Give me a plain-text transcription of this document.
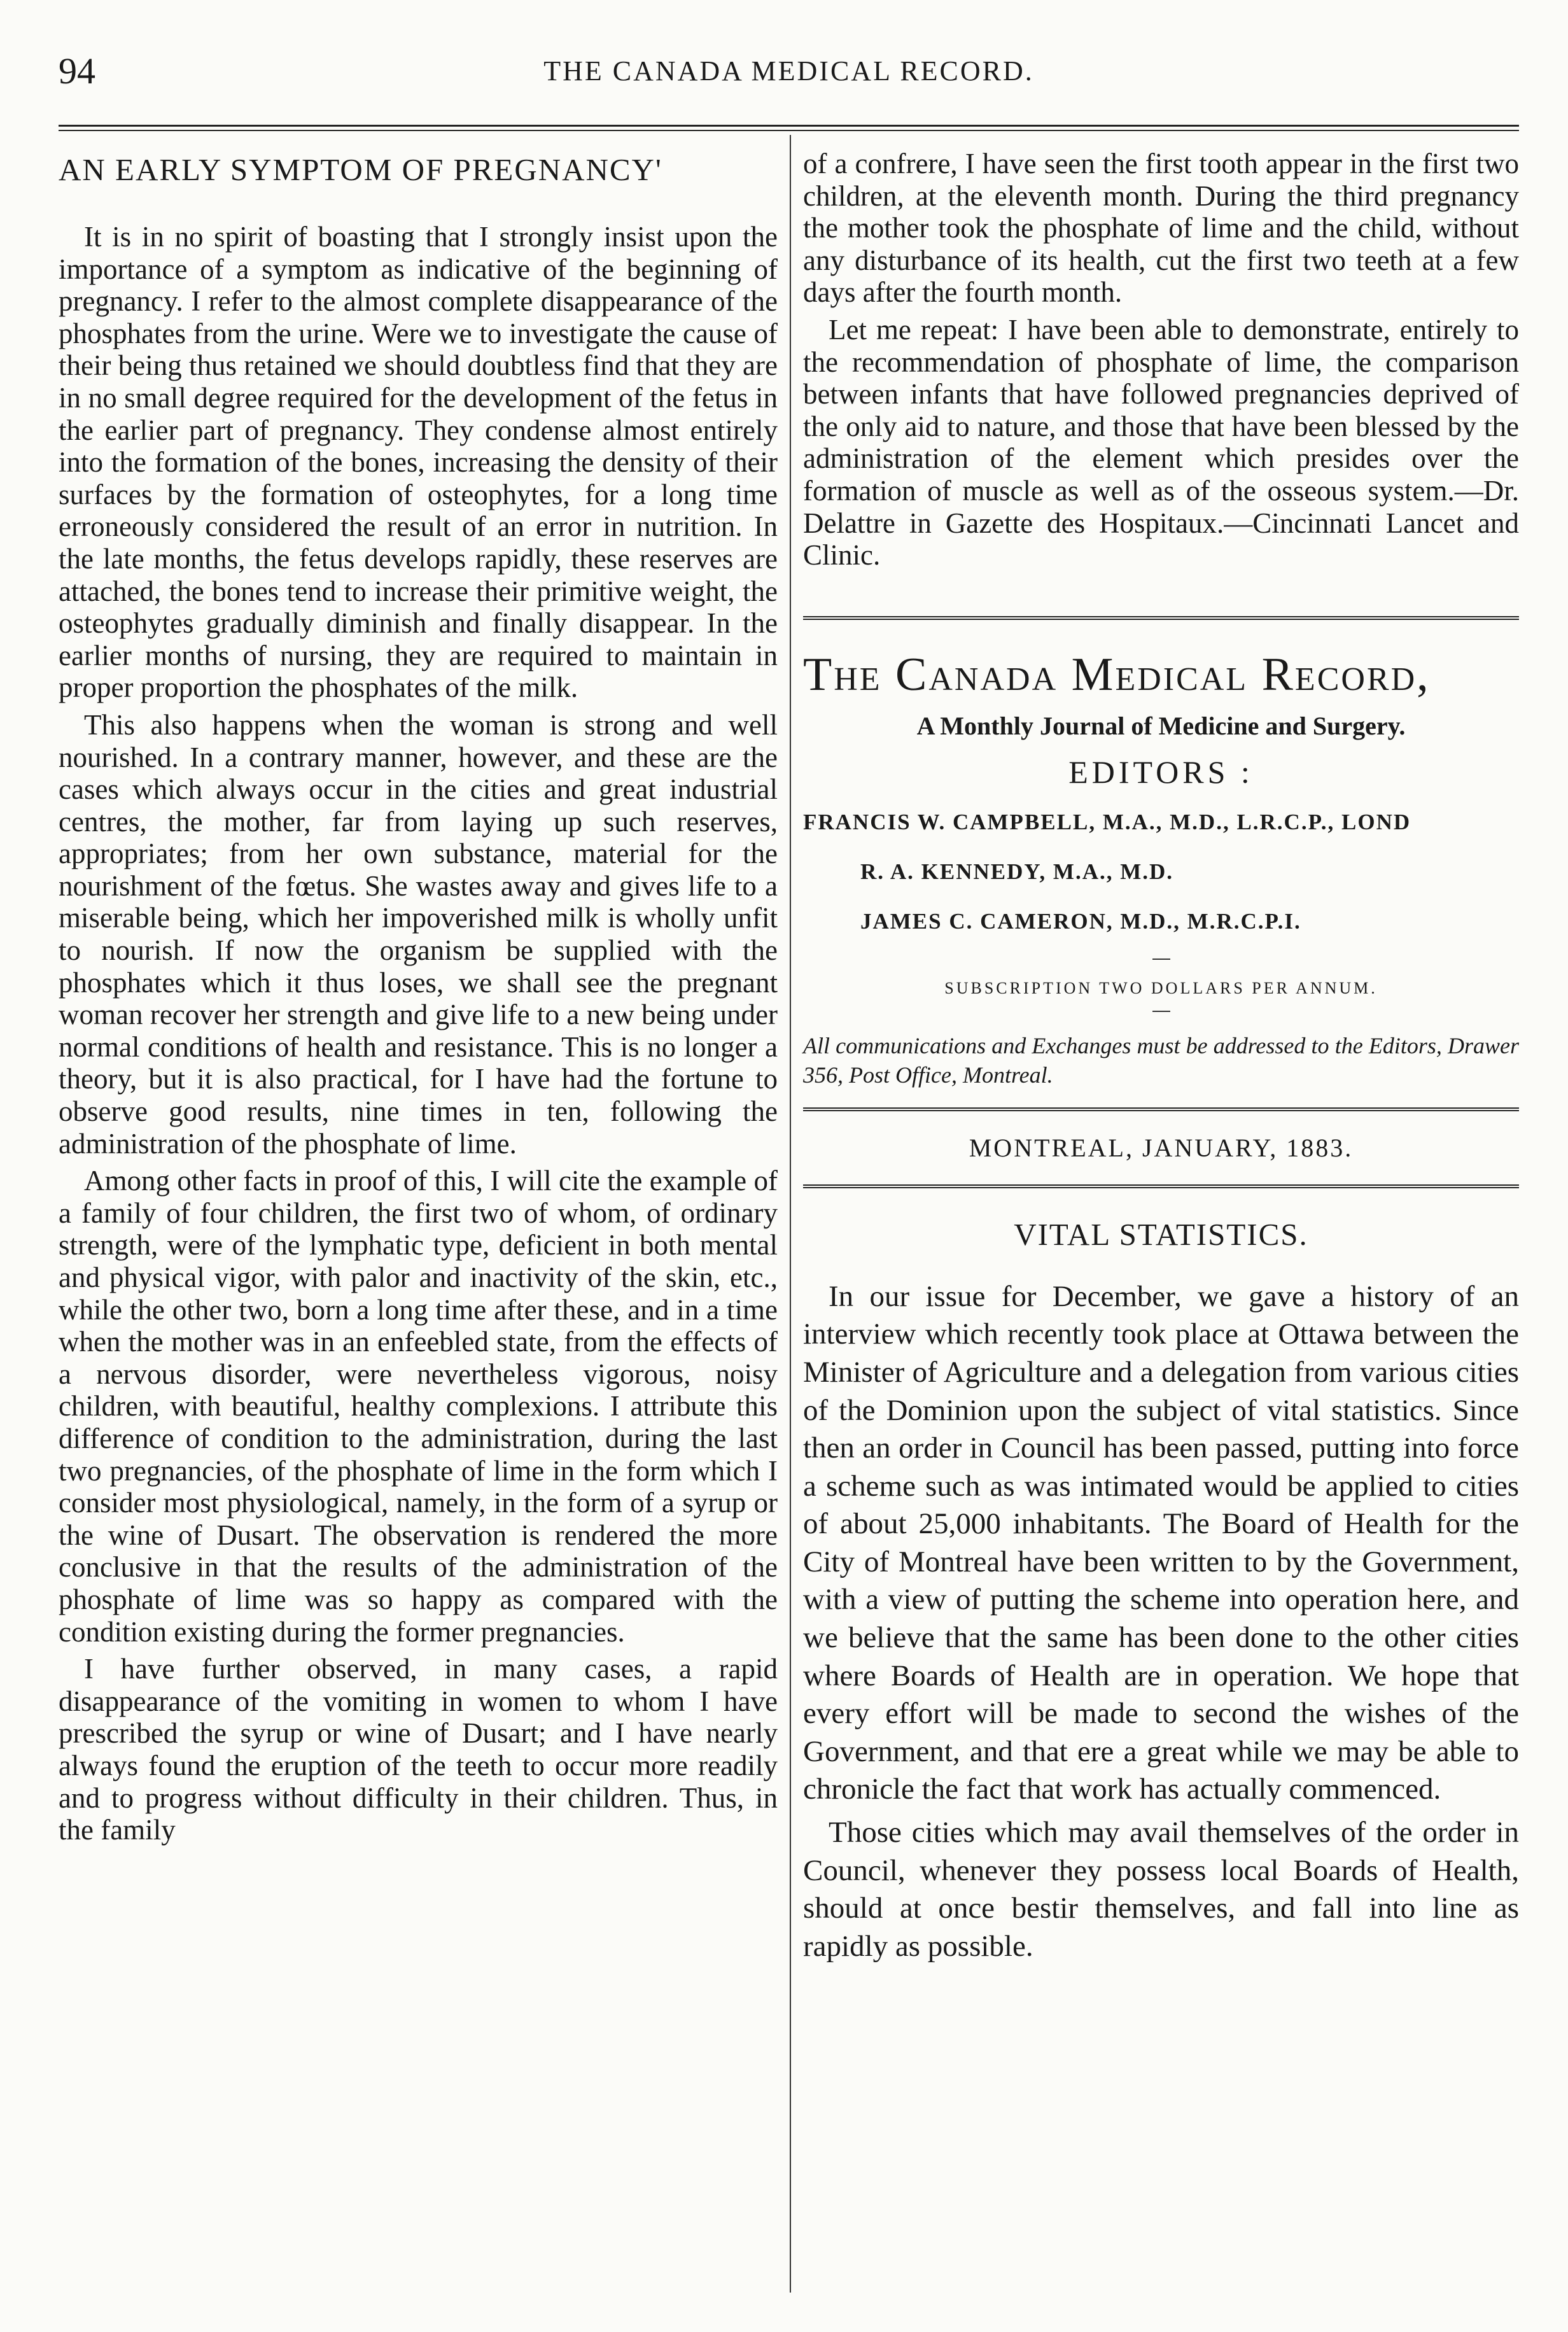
94	THE CANADA MEDICAL RECORD.
AN EARLY SYMPTOM OF PREGNANCY'

It is in no spirit of boasting that I strongly insist upon the importance of a symptom as indicative of the beginning of pregnancy. I refer to the almost complete disappearance of the phosphates from the urine. Were we to investigate the cause of their being thus retained we should doubtless find that they are in no small degree required for the development of the fetus in the earlier part of pregnancy. They condense almost entirely into the formation of the bones, increasing the density of their surfaces by the formation of osteophytes, for a long time erroneously considered the result of an error in nutrition. In the late months, the fetus develops rapidly, these reserves are attached, the bones tend to increase their primitive weight, the osteophytes gradually diminish and finally disappear. In the earlier months of nursing, they are required to maintain in proper proportion the phosphates of the milk.

This also happens when the woman is strong and well nourished. In a contrary manner, however, and these are the cases which always occur in the cities and great industrial centres, the mother, far from laying up such reserves, appropriates; from her own substance, material for the nourishment of the fœtus. She wastes away and gives life to a miserable being, which her impoverished milk is wholly unfit to nourish. If now the organism be supplied with the phosphates which it thus loses, we shall see the pregnant woman recover her strength and give life to a new being under normal conditions of health and resistance. This is no longer a theory, but it is also practical, for I have had the fortune to observe good results, nine times in ten, following the administration of the phosphate of lime.

Among other facts in proof of this, I will cite the example of a family of four children, the first two of whom, of ordinary strength, were of the lymphatic type, deficient in both mental and physical vigor, with palor and inactivity of the skin, etc., while the other two, born a long time after these, and in a time when the mother was in an enfeebled state, from the effects of a nervous disorder, were nevertheless vigorous, noisy children, with beautiful, healthy complexions. I attribute this difference of condition to the administration, during the last two pregnancies, of the phosphate of lime in the form which I consider most physiological, namely, in the form of a syrup or the wine of Dusart. The observation is rendered the more conclusive in that the results of the administration of the phosphate of lime was so happy as compared with the condition existing during the former pregnancies.

I have further observed, in many cases, a rapid disappearance of the vomiting in women to whom I have prescribed the syrup or wine of Dusart; and I have nearly always found the eruption of the teeth to occur more readily and to progress without difficulty in their children. Thus, in the family

of a confrere, I have seen the first tooth appear in the first two children, at the eleventh month. During the third pregnancy the mother took the phosphate of lime and the child, without any disturbance of its health, cut the first two teeth at a few days after the fourth month.

Let me repeat: I have been able to demonstrate, entirely to the recommendation of phosphate of lime, the comparison between infants that have followed pregnancies deprived of the only aid to nature, and those that have been blessed by the administration of the element which presides over the formation of muscle as well as of the osseous system.—Dr. Delattre in Gazette des Hospitaux.—Cincinnati Lancet and Clinic.

The Canada Medical Record,
A Monthly Journal of Medicine and Surgery.
EDITORS :
FRANCIS W. CAMPBELL, M.A., M.D., L.R.C.P., LOND
R. A. KENNEDY, M.A., M.D.
JAMES C. CAMERON, M.D., M.R.C.P.I.
SUBSCRIPTION TWO DOLLARS PER ANNUM.
All communications and Exchanges must be addressed to the Editors, Drawer 356, Post Office, Montreal.
MONTREAL, JANUARY, 1883.
VITAL STATISTICS.

In our issue for December, we gave a history of an interview which recently took place at Ottawa between the Minister of Agriculture and a delegation from various cities of the Dominion upon the subject of vital statistics. Since then an order in Council has been passed, putting into force a scheme such as was intimated would be applied to cities of about 25,000 inhabitants. The Board of Health for the City of Montreal have been written to by the Government, with a view of putting the scheme into operation here, and we believe that the same has been done to the other cities where Boards of Health are in operation. We hope that every effort will be made to second the wishes of the Government, and that ere a great while we may be able to chronicle the fact that work has actually commenced.

Those cities which may avail themselves of the order in Council, whenever they possess local Boards of Health, should at once bestir themselves, and fall into line as rapidly as possible.
